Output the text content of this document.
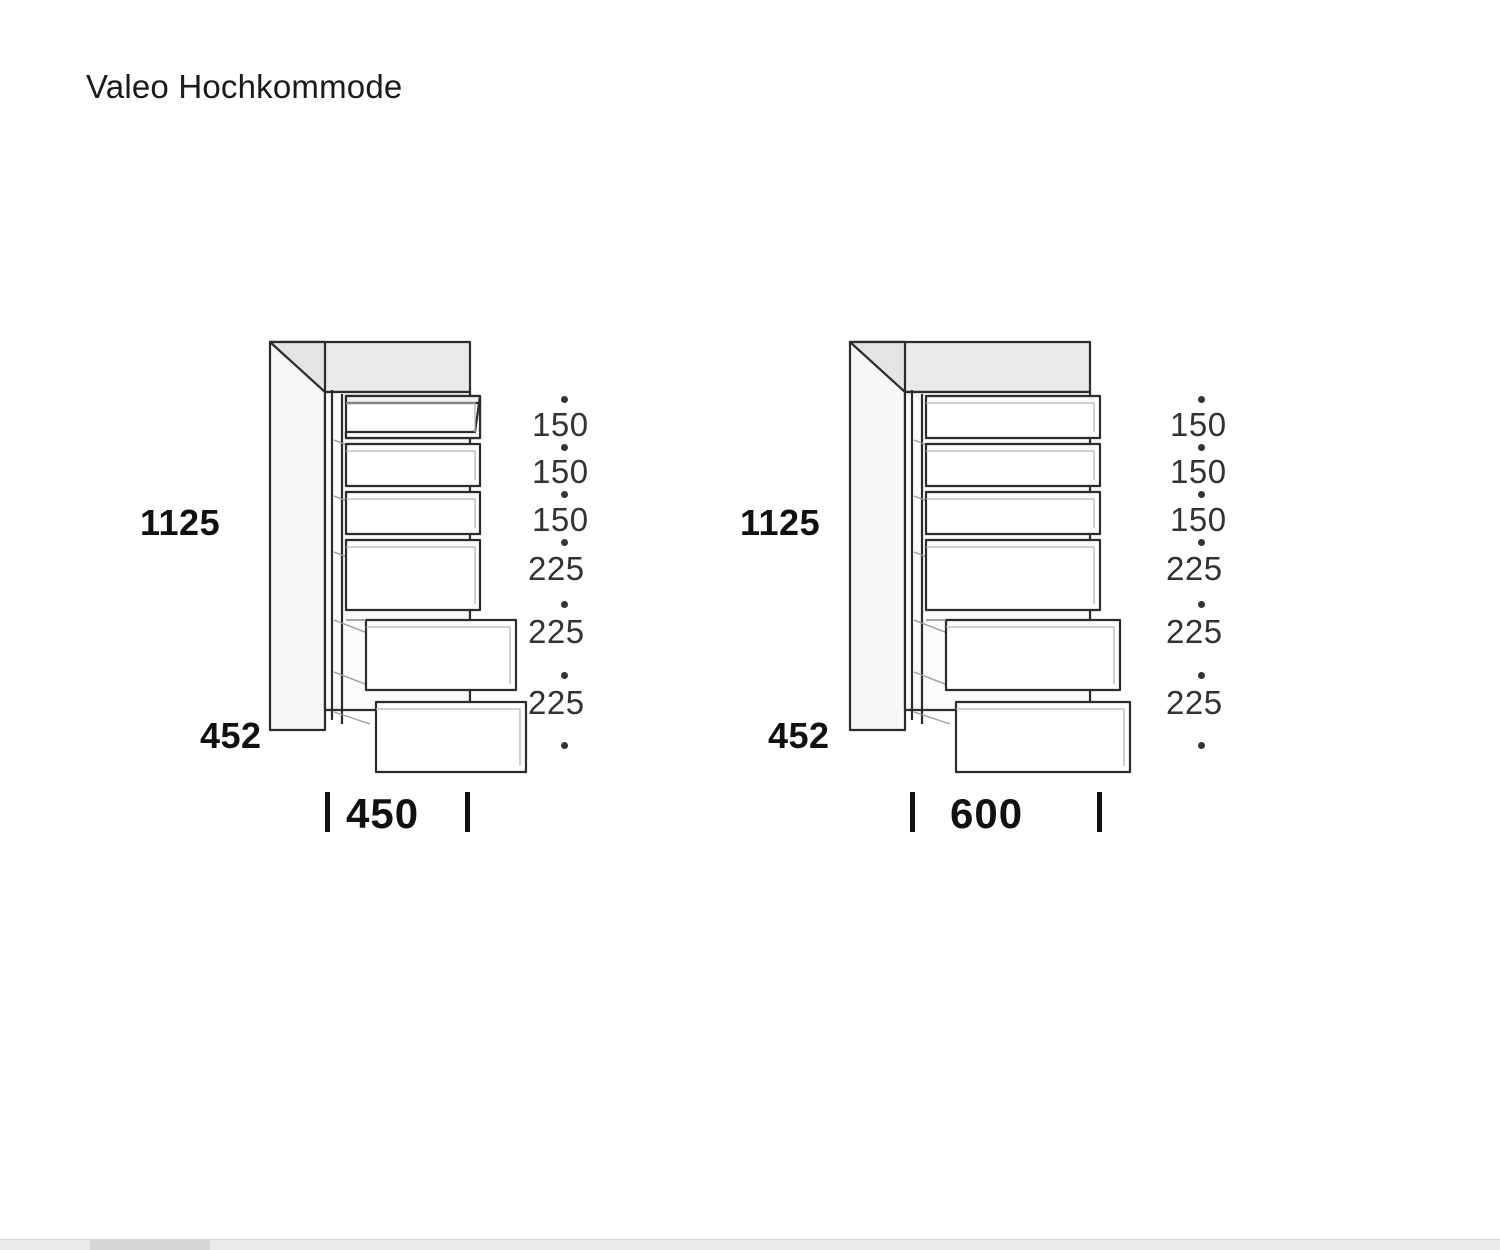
Valeo Hochkommode
1125
452
450
150
150
150
225
225
225
1125
452
600
150
150
150
225
225
225
